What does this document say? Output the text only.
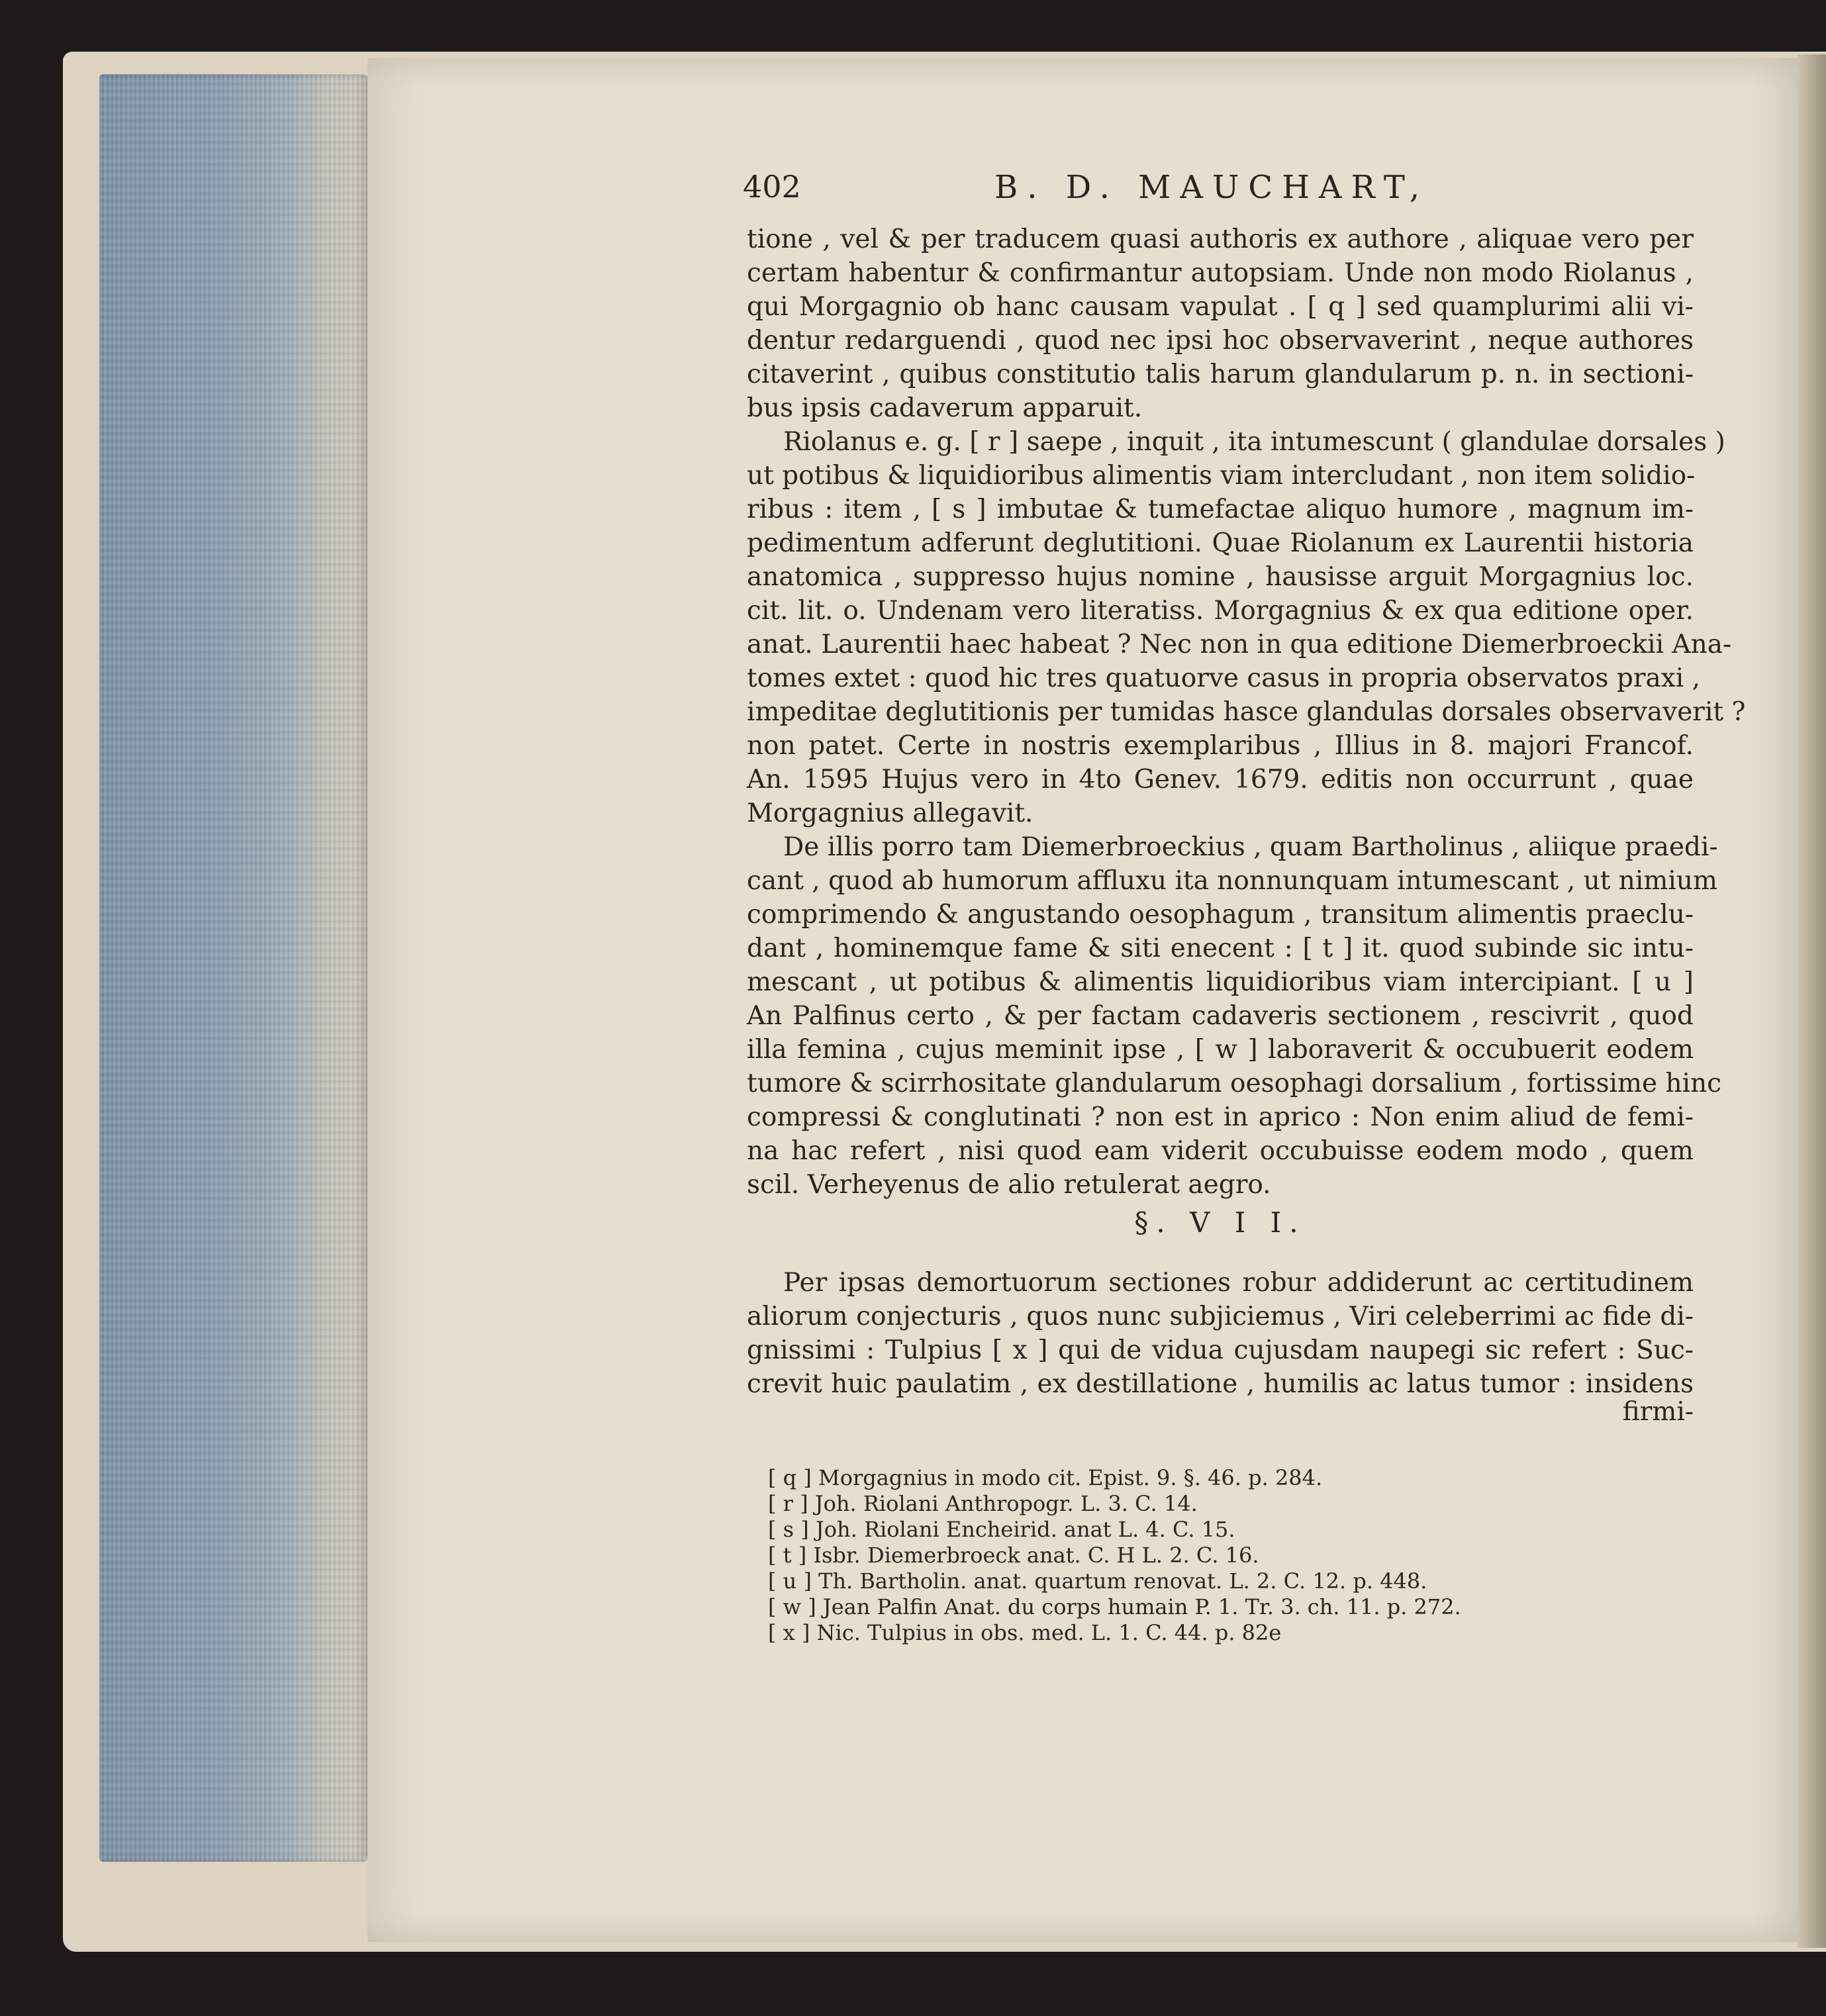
402	B. D. MAUCHART,
tione , vel & per traducem quasi authoris ex authore , aliquae vero per
certam habentur & confirmantur autopsiam. Unde non modo Riolanus ,
qui Morgagnio ob hanc causam vapulat . [ q ] sed quamplurimi alii vi-
dentur redarguendi , quod nec ipsi hoc observaverint , neque authores
citaverint , quibus constitutio talis harum glandularum p. n. in sectioni-
bus ipsis cadaverum apparuit.
Riolanus e. g. [ r ] saepe , inquit , ita intumescunt ( glandulae dorsales )
ut potibus & liquidioribus alimentis viam intercludant , non item solidio-
ribus : item , [ s ] imbutae & tumefactae aliquo humore , magnum im-
pedimentum adferunt deglutitioni. Quae Riolanum ex Laurentii historia
anatomica , suppresso hujus nomine , hausisse arguit Morgagnius loc.
cit. lit. o. Undenam vero literatiss. Morgagnius & ex qua editione oper.
anat. Laurentii haec habeat ? Nec non in qua editione Diemerbroeckii Ana-
tomes extet : quod hic tres quatuorve casus in propria observatos praxi ,
impeditae deglutitionis per tumidas hasce glandulas dorsales observaverit ?
non patet. Certe in nostris exemplaribus , Illius in 8. majori Francof.
An. 1595 Hujus vero in 4to Genev. 1679. editis non occurrunt , quae
Morgagnius allegavit.
De illis porro tam Diemerbroeckius , quam Bartholinus , aliique praedi-
cant , quod ab humorum affluxu ita nonnunquam intumescant , ut nimium
comprimendo & angustando oesophagum , transitum alimentis praeclu-
dant , hominemque fame & siti enecent : [ t ] it. quod subinde sic intu-
mescant , ut potibus & alimentis liquidioribus viam intercipiant. [ u ]
An Palfinus certo , & per factam cadaveris sectionem , rescivrit , quod
illa femina , cujus meminit ipse , [ w ] laboraverit & occubuerit eodem
tumore & scirrhositate glandularum oesophagi dorsalium , fortissime hinc
compressi & conglutinati ? non est in aprico : Non enim aliud de femi-
na hac refert , nisi quod eam viderit occubuisse eodem modo , quem
scil. Verheyenus de alio retulerat aegro.
§. V I I.
Per ipsas demortuorum sectiones robur addiderunt ac certitudinem
aliorum conjecturis , quos nunc subjiciemus , Viri celeberrimi ac fide di-
gnissimi : Tulpius [ x ] qui de vidua cujusdam naupegi sic refert : Suc-
crevit huic paulatim , ex destillatione , humilis ac latus tumor : insidens
firmi-
[ q ] Morgagnius in modo cit. Epist. 9. §. 46. p. 284.
[ r ] Joh. Riolani Anthropogr. L. 3. C. 14.
[ s ] Joh. Riolani Encheirid. anat L. 4. C. 15.
[ t ] Isbr. Diemerbroeck anat. C. H L. 2. C. 16.
[ u ] Th. Bartholin. anat. quartum renovat. L. 2. C. 12. p. 448.
[ w ] Jean Palfin Anat. du corps humain P. 1. Tr. 3. ch. 11. p. 272.
[ x ] Nic. Tulpius in obs. med. L. 1. C. 44. p. 82e
